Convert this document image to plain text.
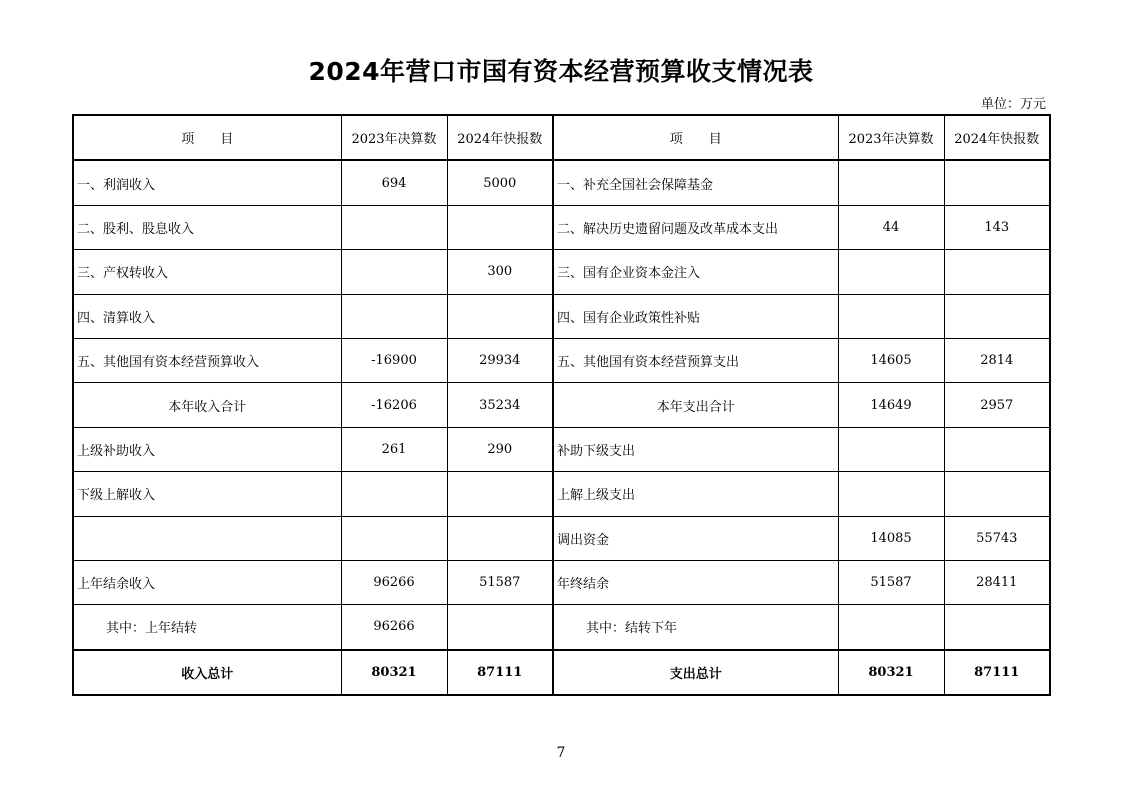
2024年营口市国有资本经营预算收支情况表
单位：万元
项　　目	2023年决算数	2024年快报数	项　　目	2023年决算数	2024年快报数
一、利润收入	694	5000	一、补充全国社会保障基金		
二、股利、股息收入			二、解决历史遗留问题及改革成本支出	44	143
三、产权转收入		300	三、国有企业资本金注入		
四、清算收入			四、国有企业政策性补贴		
五、其他国有资本经营预算收入	-16900	29934	五、其他国有资本经营预算支出	14605	2814
本年收入合计	-16206	35234	本年支出合计	14649	2957
上级补助收入	261	290	补助下级支出		
下级上解收入			上解上级支出		
			调出资金	14085	55743
上年结余收入	96266	51587	年终结余	51587	28411
其中：上年结转	96266		其中：结转下年		
收入总计	80321	87111	支出总计	80321	87111
7
